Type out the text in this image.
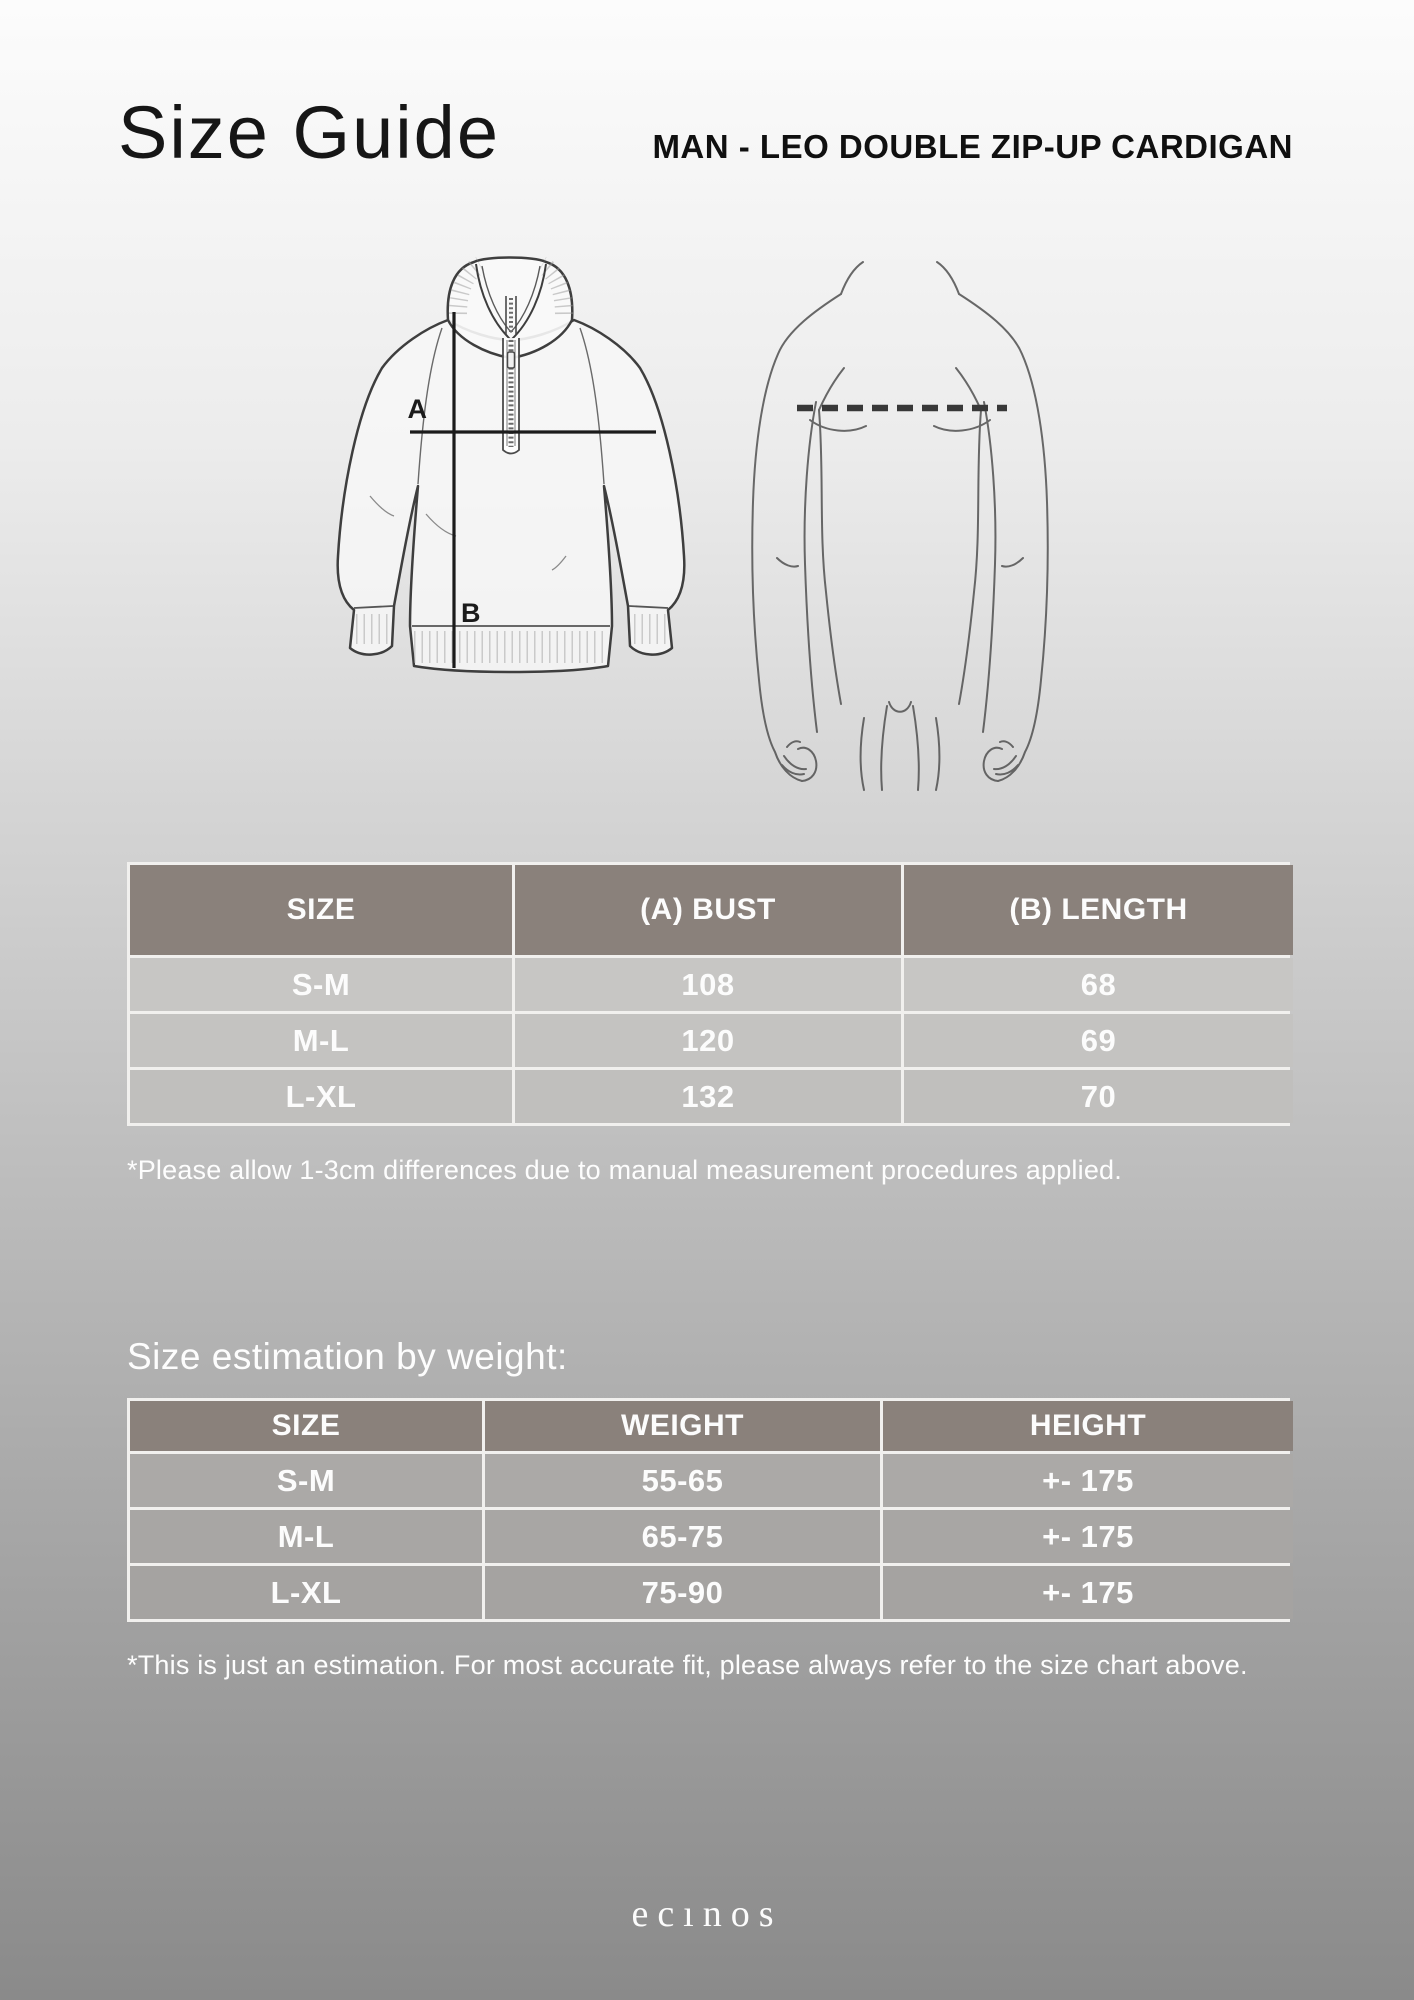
Size Guide	MAN - LEO DOUBLE ZIP-UP CARDIGAN
A
B
SIZE	(A) BUST	(B) LENGTH
S-M	108	68
M-L	120	69
L-XL	132	70
*Please allow 1-3cm differences due to manual measurement procedures applied.
Size estimation by weight:
SIZE	WEIGHT	HEIGHT
S-M	55-65	+- 175
M-L	65-75	+- 175
L-XL	75-90	+- 175
*This is just an estimation. For most accurate fit, please always refer to the size chart above.
ecınos
